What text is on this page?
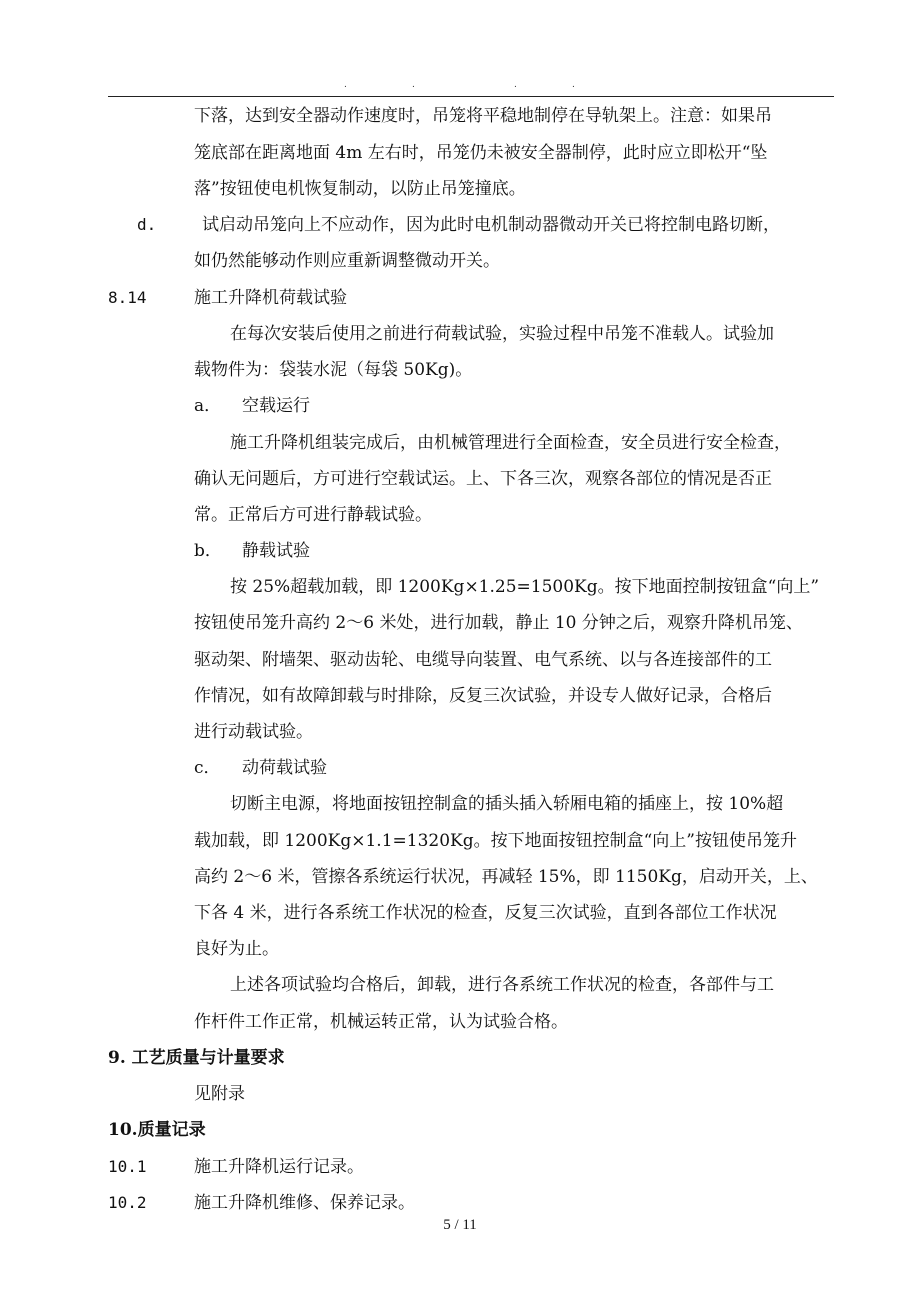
.	.	.	.
下落，达到安全器动作速度时，吊笼将平稳地制停在导轨架上。注意：如果吊
笼底部在距离地面 4m 左右时，吊笼仍未被安全器制停，此时应立即松开“坠
落”按钮使电机恢复制动，以防止吊笼撞底。
d.	试启动吊笼向上不应动作，因为此时电机制动器微动开关已将控制电路切断，
如仍然能够动作则应重新调整微动开关。
8.14	施工升降机荷载试验
在每次安装后使用之前进行荷载试验，实验过程中吊笼不准载人。试验加
载物件为：袋装水泥（每袋 50Kg)。
a． 空载运行
施工升降机组装完成后，由机械管理进行全面检查，安全员进行安全检查，
确认无问题后，方可进行空载试运。上、下各三次，观察各部位的情况是否正
常。正常后方可进行静载试验。
b． 静载试验
按 25%超载加载，即 1200Kg×1.25=1500Kg。按下地面控制按钮盒“向上”
按钮使吊笼升高约 2～6 米处，进行加载，静止 10 分钟之后，观察升降机吊笼、
驱动架、附墙架、驱动齿轮、电缆导向装置、电气系统、以与各连接部件的工
作情况，如有故障卸载与时排除，反复三次试验，并设专人做好记录，合格后
进行动载试验。
c． 动荷载试验
切断主电源，将地面按钮控制盒的插头插入轿厢电箱的插座上，按 10%超
载加载，即 1200Kg×1.1=1320Kg。按下地面按钮控制盒“向上”按钮使吊笼升
高约 2～6 米，管擦各系统运行状况，再减轻 15%，即 1150Kg，启动开关，上、
下各 4 米，进行各系统工作状况的检查，反复三次试验，直到各部位工作状况
良好为止。
上述各项试验均合格后，卸载，进行各系统工作状况的检查，各部件与工
作杆件工作正常，机械运转正常，认为试验合格。
9. 工艺质量与计量要求
见附录
10.质量记录
10.1	施工升降机运行记录。
10.2	施工升降机维修、保养记录。
5 / 11
